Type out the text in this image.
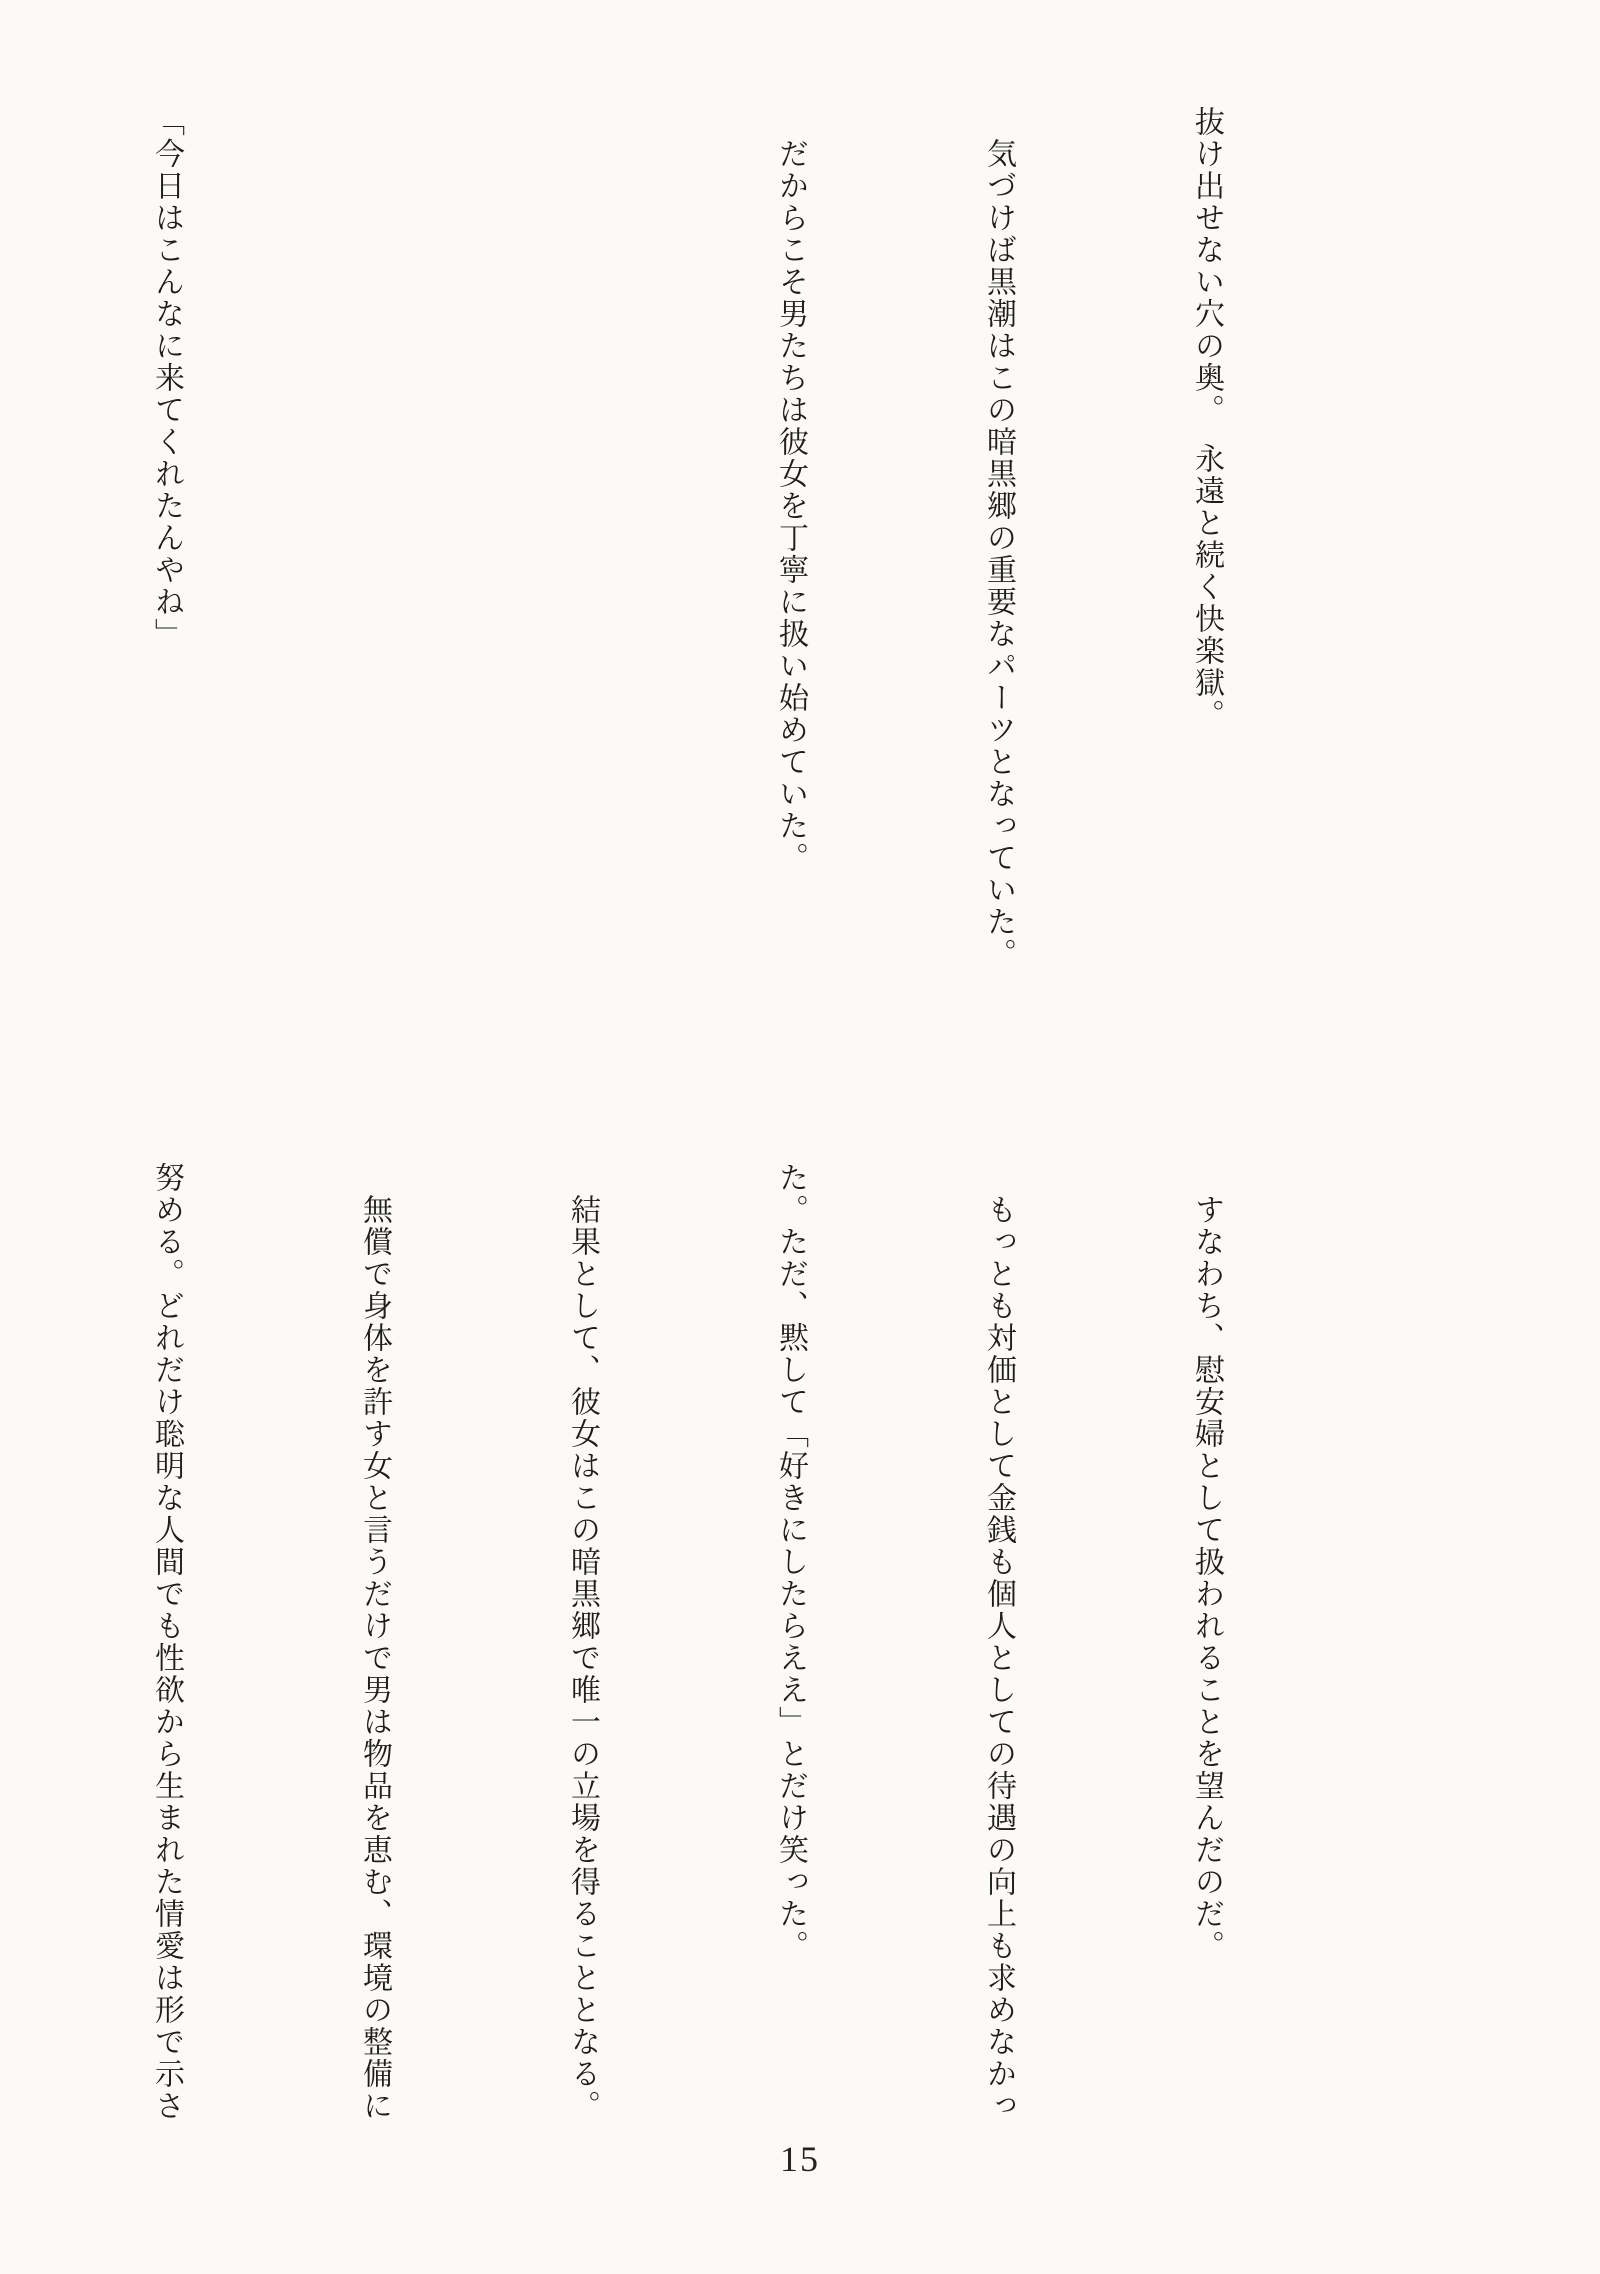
抜け出せない穴の奥。　永遠と続く快楽獄。

　気づけば黒潮はこの暗黒郷の重要なパーツとなっていた。

　だからこそ男たちは彼女を丁寧に扱い始めていた。

「今日はこんなに来てくれたんやね」

　すなわち、慰安婦として扱われることを望んだのだ。

　もっとも対価として金銭も個人としての待遇の向上も求めなかっ

た。ただ、黙して「好きにしたらええ」とだけ笑った。

　結果として、彼女はこの暗黒郷で唯一の立場を得ることとなる。

　無償で身体を許す女と言うだけで男は物品を恵む、環境の整備に

努める。どれだけ聡明な人間でも性欲から生まれた情愛は形で示さ

15
